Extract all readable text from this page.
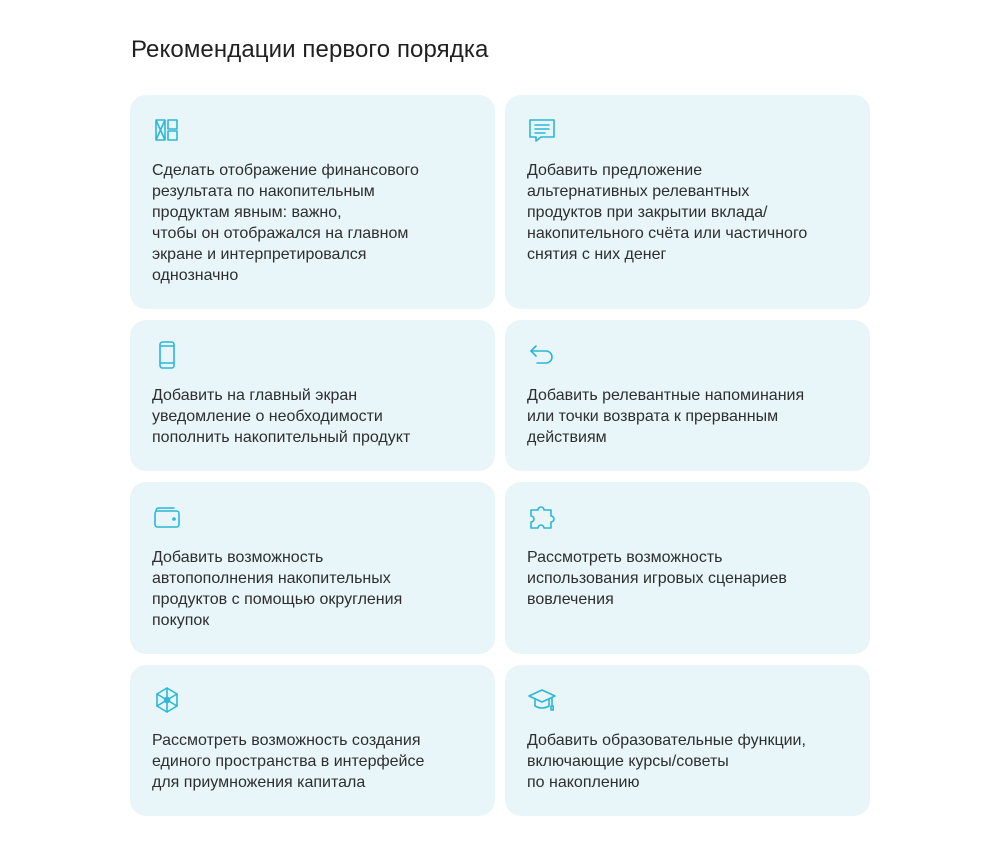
Рекомендации первого порядка

Сделать отображение финансового
результата по накопительным
продуктам явным: важно,
чтобы он отображался на главном
экране и интерпретировался
однозначно

Добавить предложение
альтернативных релевантных
продуктов при закрытии вклада/
накопительного счёта или частичного
снятия с них денег

Добавить на главный экран
уведомление о необходимости
пополнить накопительный продукт

Добавить релевантные напоминания
или точки возврата к прерванным
действиям

Добавить возможность
автопополнения накопительных
продуктов с помощью округления
покупок

Рассмотреть возможность
использования игровых сценариев
вовлечения

Рассмотреть возможность создания
единого пространства в интерфейсе
для приумножения капитала

Добавить образовательные функции,
включающие курсы/советы
по накоплению
